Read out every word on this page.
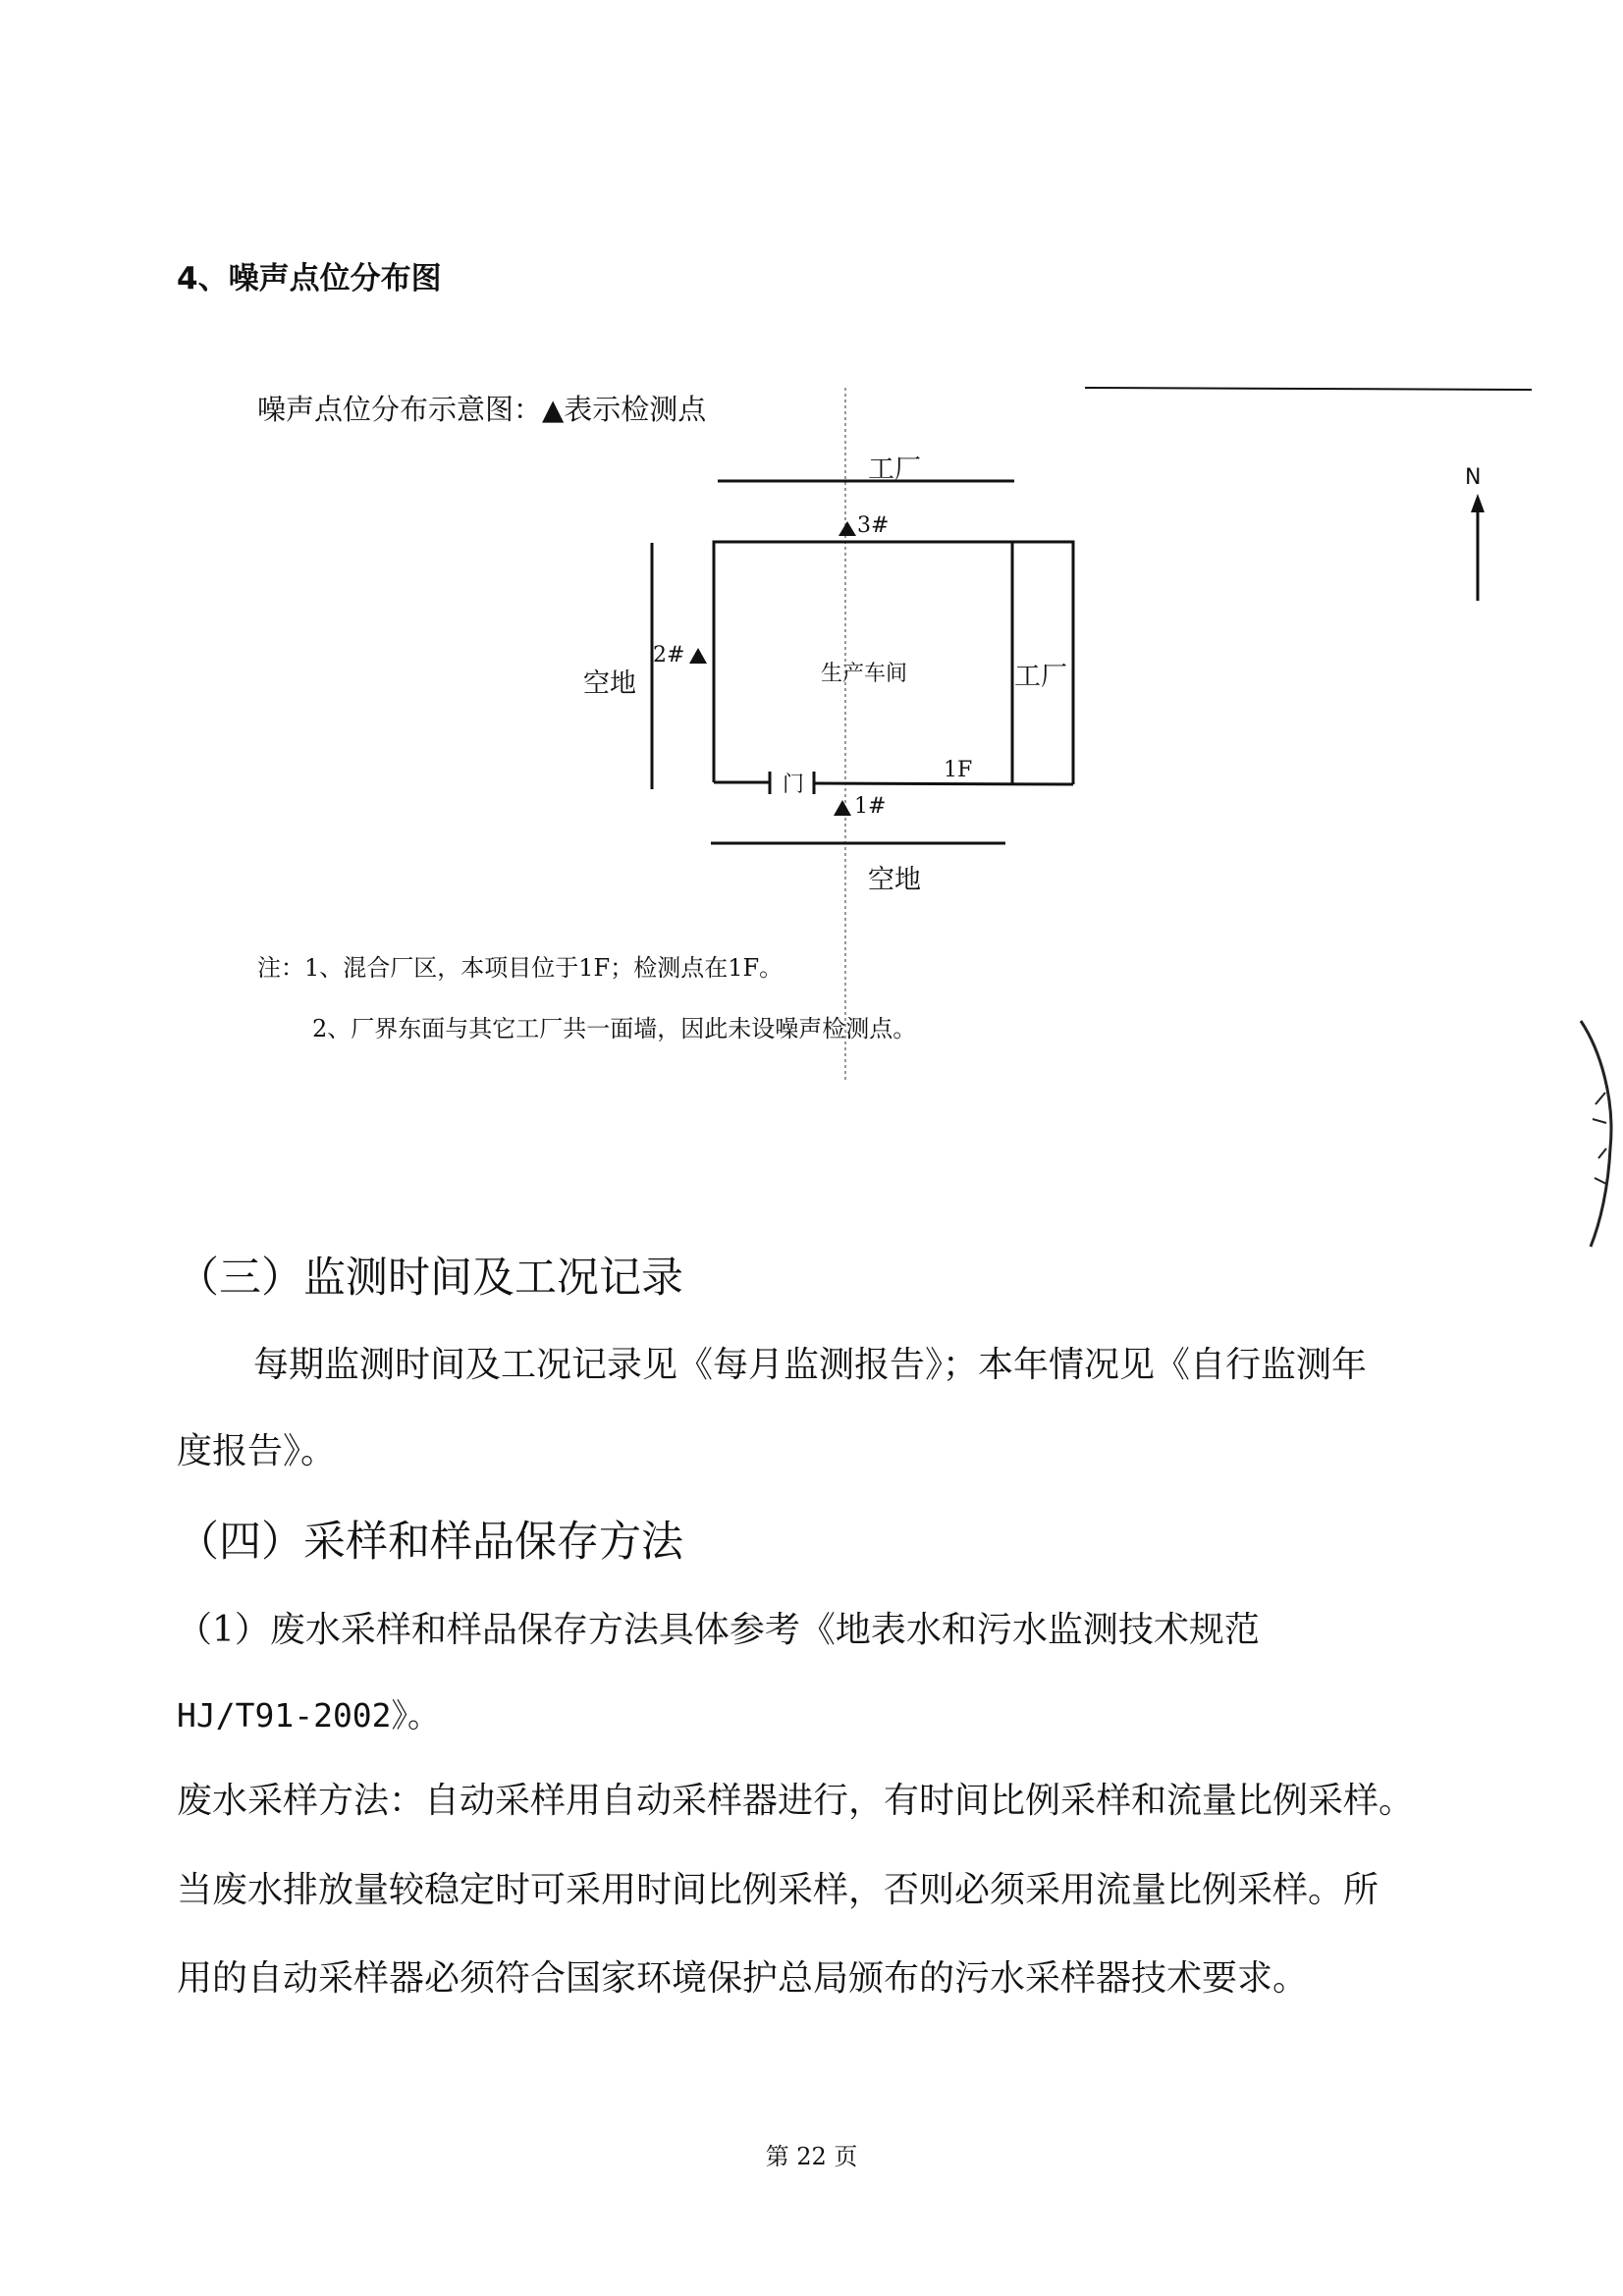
4、噪声点位分布图
噪声点位分布示意图：▲表示检测点
工厂
3#
2#
空地	生产车间	工厂
门
1F
1#
空地
N
注：1、混合厂区，本项目位于1F；检测点在1F。
2、厂界东面与其它工厂共一面墙，因此未设噪声检测点。
（三）监测时间及工况记录
每期监测时间及工况记录见《每月监测报告》；本年情况见《自行监测年
度报告》。
（四）采样和样品保存方法
（1）废水采样和样品保存方法具体参考《地表水和污水监测技术规范
HJ/T91-2002》。
废水采样方法：自动采样用自动采样器进行，有时间比例采样和流量比例采样。
当废水排放量较稳定时可采用时间比例采样，否则必须采用流量比例采样。所
用的自动采样器必须符合国家环境保护总局颁布的污水采样器技术要求。
第 22 页
